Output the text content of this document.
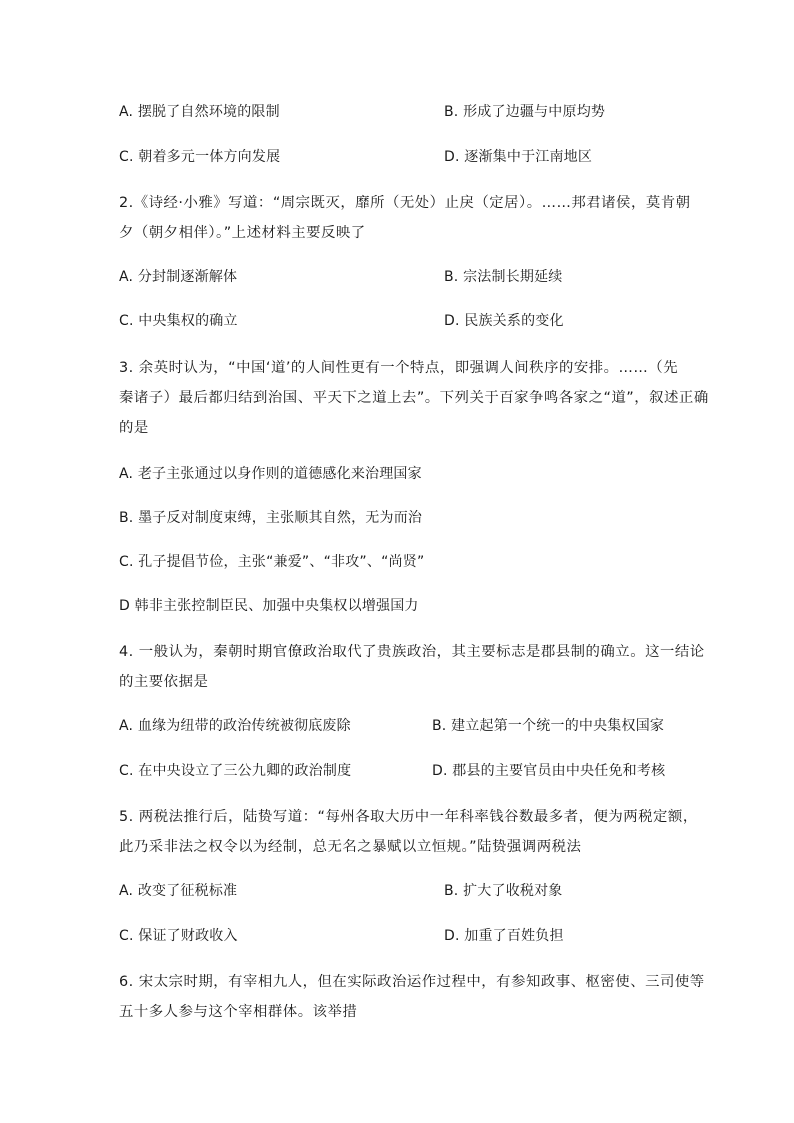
A. 摆脱了自然环境的限制	B. 形成了边疆与中原均势
C. 朝着多元一体方向发展	D. 逐渐集中于江南地区
2.《诗经·小雅》写道：“周宗既灭，靡所（无处）止戾（定居）。……邦君诸侯，莫肯朝
夕（朝夕相伴）。”上述材料主要反映了
A. 分封制逐渐解体	B. 宗法制长期延续
C. 中央集权的确立	D. 民族关系的变化
3. 余英时认为，“中国‘道’的人间性更有一个特点，即强调人间秩序的安排。……（先
秦诸子）最后都归结到治国、平天下之道上去”。下列关于百家争鸣各家之“道”，叙述正确
的是
A. 老子主张通过以身作则的道德感化来治理国家
B. 墨子反对制度束缚，主张顺其自然，无为而治
C. 孔子提倡节俭，主张“兼爱”、“非攻”、“尚贤”
D 韩非主张控制臣民、加强中央集权以增强国力
4. 一般认为，秦朝时期官僚政治取代了贵族政治，其主要标志是郡县制的确立。这一结论
的主要依据是
A. 血缘为纽带的政治传统被彻底废除	B. 建立起第一个统一的中央集权国家
C. 在中央设立了三公九卿的政治制度	D. 郡县的主要官员由中央任免和考核
5. 两税法推行后，陆贽写道：“每州各取大历中一年科率钱谷数最多者，便为两税定额，
此乃采非法之权令以为经制，总无名之暴赋以立恒规。”陆贽强调两税法
A. 改变了征税标准	B. 扩大了收税对象
C. 保证了财政收入	D. 加重了百姓负担
6. 宋太宗时期，有宰相九人，但在实际政治运作过程中，有参知政事、枢密使、三司使等
五十多人参与这个宰相群体。该举措
